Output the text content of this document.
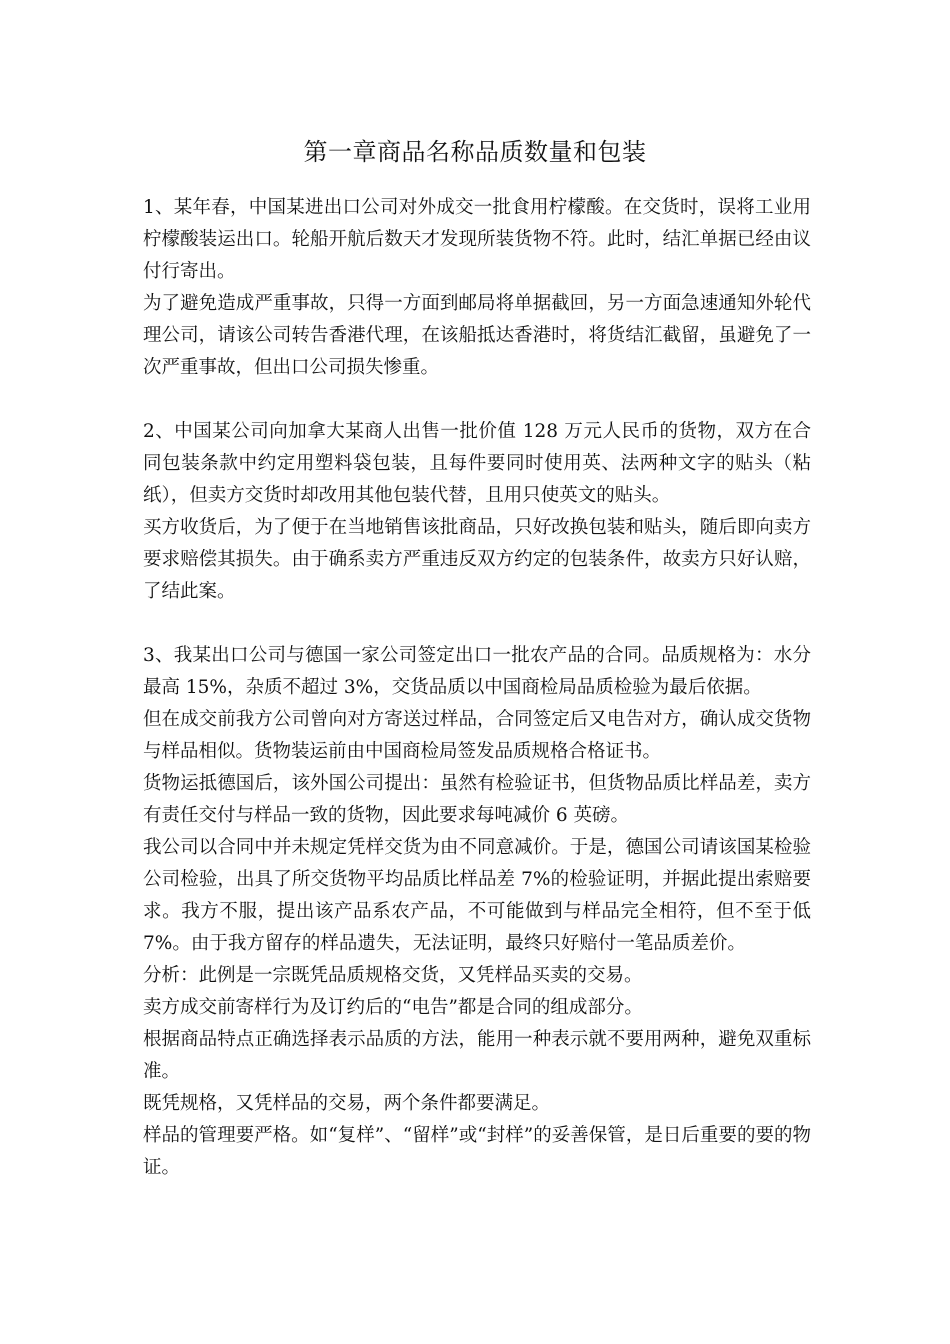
第一章商品名称品质数量和包装

1、某年春，中国某进出口公司对外成交一批食用柠檬酸。在交货时，误将工业用柠檬酸装运出口。轮船开航后数天才发现所装货物不符。此时，结汇单据已经由议付行寄出。

为了避免造成严重事故，只得一方面到邮局将单据截回，另一方面急速通知外轮代理公司，请该公司转告香港代理，在该船抵达香港时，将货结汇截留，虽避免了一次严重事故，但出口公司损失惨重。

2、中国某公司向加拿大某商人出售一批价值 128 万元人民币的货物，双方在合同包装条款中约定用塑料袋包装，且每件要同时使用英、法两种文字的贴头（粘纸），但卖方交货时却改用其他包装代替，且用只使英文的贴头。

买方收货后，为了便于在当地销售该批商品，只好改换包装和贴头，随后即向卖方要求赔偿其损失。由于确系卖方严重违反双方约定的包装条件，故卖方只好认赔，了结此案。

3、我某出口公司与德国一家公司签定出口一批农产品的合同。品质规格为：水分最高 15%，杂质不超过 3%，交货品质以中国商检局品质检验为最后依据。

但在成交前我方公司曾向对方寄送过样品，合同签定后又电告对方，确认成交货物与样品相似。货物装运前由中国商检局签发品质规格合格证书。

货物运抵德国后，该外国公司提出：虽然有检验证书，但货物品质比样品差，卖方有责任交付与样品一致的货物，因此要求每吨减价 6 英磅。

我公司以合同中并未规定凭样交货为由不同意减价。于是，德国公司请该国某检验公司检验，出具了所交货物平均品质比样品差 7%的检验证明，并据此提出索赔要求。我方不服，提出该产品系农产品，不可能做到与样品完全相符，但不至于低 7%。由于我方留存的样品遗失，无法证明，最终只好赔付一笔品质差价。

分析：此例是一宗既凭品质规格交货，又凭样品买卖的交易。

卖方成交前寄样行为及订约后的“电告”都是合同的组成部分。

根据商品特点正确选择表示品质的方法，能用一种表示就不要用两种，避免双重标准。

既凭规格，又凭样品的交易，两个条件都要满足。

样品的管理要严格。如“复样”、“留样”或“封样”的妥善保管，是日后重要的要的物证。
